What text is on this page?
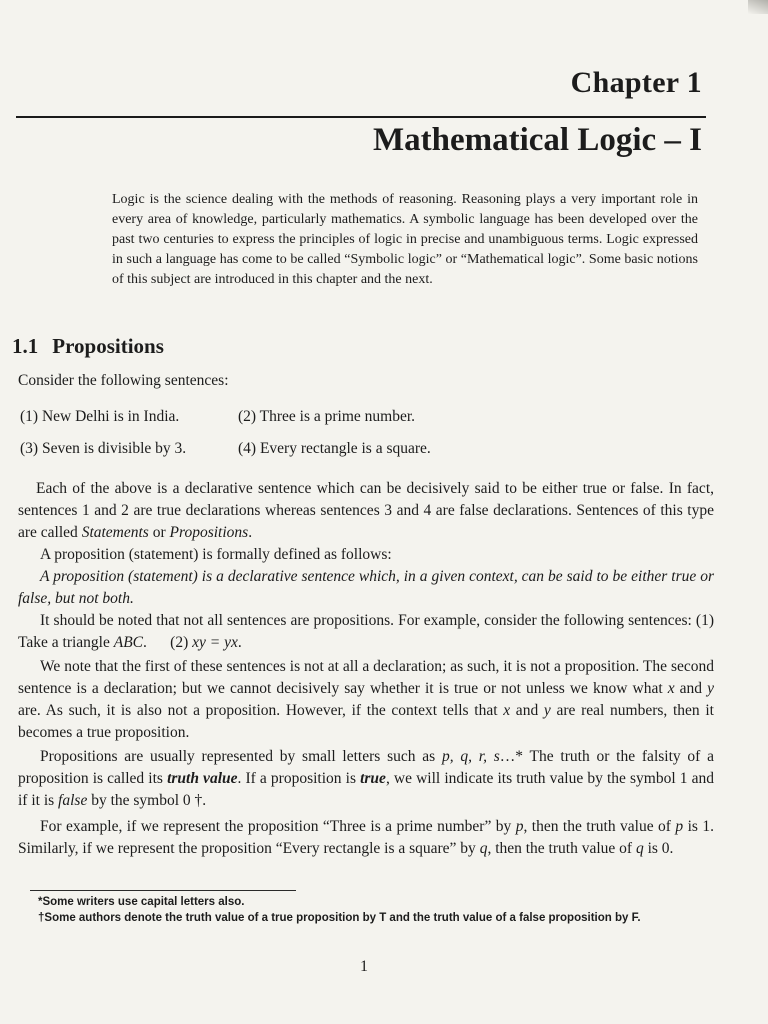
Chapter 1
Mathematical Logic – I

Logic is the science dealing with the methods of reasoning. Reasoning plays a very important role in every area of knowledge, particularly mathematics. A symbolic language has been developed over the past two centuries to express the principles of logic in precise and unambiguous terms. Logic expressed in such a language has come to be called “Symbolic logic” or “Mathematical logic”. Some basic notions of this subject are introduced in this chapter and the next.

1.1 Propositions

Consider the following sentences:

(1) New Delhi is in India.	(2) Three is a prime number.
(3) Seven is divisible by 3.	(4) Every rectangle is a square.

Each of the above is a declarative sentence which can be decisively said to be either true or false. In fact, sentences 1 and 2 are true declarations whereas sentences 3 and 4 are false declarations. Sentences of this type are called Statements or Propositions.

A proposition (statement) is formally defined as follows:

A proposition (statement) is a declarative sentence which, in a given context, can be said to be either true or false, but not both.

It should be noted that not all sentences are propositions. For example, consider the following sentences: (1) Take a triangle ABC.      (2) xy = yx.

We note that the first of these sentences is not at all a declaration; as such, it is not a proposition. The second sentence is a declaration; but we cannot decisively say whether it is true or not unless we know what x and y are. As such, it is also not a proposition. However, if the context tells that x and y are real numbers, then it becomes a true proposition.

Propositions are usually represented by small letters such as p, q, r, s…* The truth or the falsity of a proposition is called its truth value. If a proposition is true, we will indicate its truth value by the symbol 1 and if it is false by the symbol 0 †.

For example, if we represent the proposition “Three is a prime number” by p, then the truth value of p is 1. Similarly, if we represent the proposition “Every rectangle is a square” by q, then the truth value of q is 0.

*Some writers use capital letters also.
†Some authors denote the truth value of a true proposition by T and the truth value of a false proposition by F.
1
